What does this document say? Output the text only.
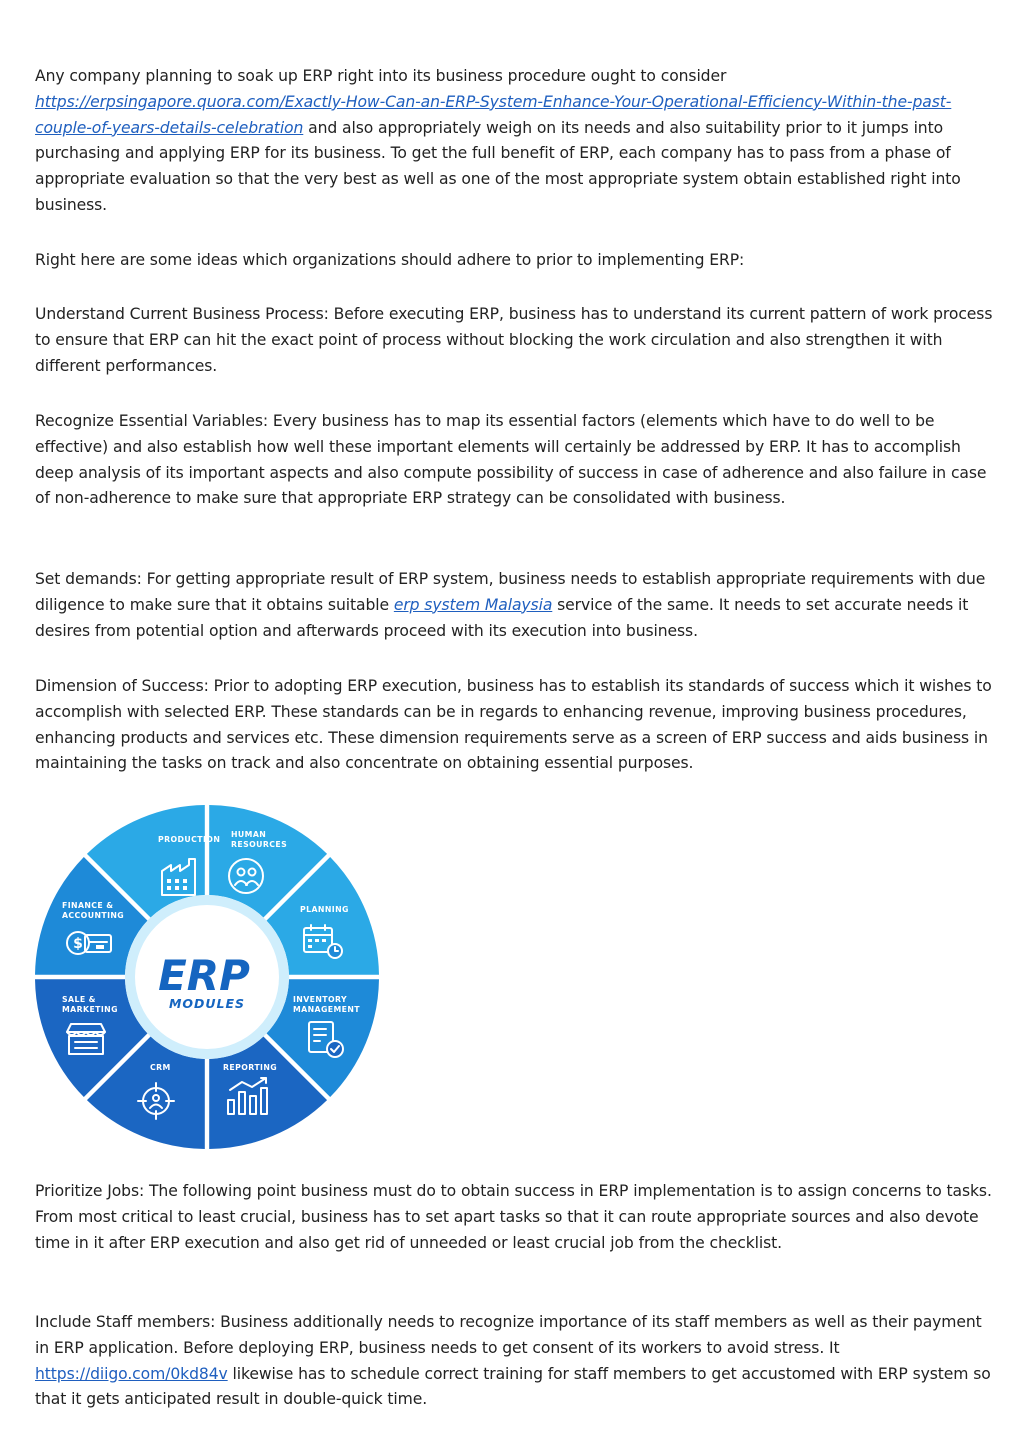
Any company planning to soak up ERP right into its business procedure ought to consider https://erpsingapore.quora.com/Exactly-How-Can-an-ERP-System-Enhance-Your-Operational-Efficiency-Within-the-past-couple-of-years-details-celebration and also appropriately weigh on its needs and also suitability prior to it jumps into purchasing and applying ERP for its business. To get the full benefit of ERP, each company has to pass from a phase of appropriate evaluation so that the very best as well as one of the most appropriate system obtain established right into business.

Right here are some ideas which organizations should adhere to prior to implementing ERP:

Understand Current Business Process: Before executing ERP, business has to understand its current pattern of work process to ensure that ERP can hit the exact point of process without blocking the work circulation and also strengthen it with different performances.

Recognize Essential Variables: Every business has to map its essential factors (elements which have to do well to be effective) and also establish how well these important elements will certainly be addressed by ERP. It has to accomplish deep analysis of its important aspects and also compute possibility of success in case of adherence and also failure in case of non-adherence to make sure that appropriate ERP strategy can be consolidated with business.

Set demands: For getting appropriate result of ERP system, business needs to establish appropriate requirements with due diligence to make sure that it obtains suitable erp system Malaysia service of the same. It needs to set accurate needs it desires from potential option and afterwards proceed with its execution into business.

Dimension of Success: Prior to adopting ERP execution, business has to establish its standards of success which it wishes to accomplish with selected ERP. These standards can be in regards to enhancing revenue, improving business procedures, enhancing products and services etc. These dimension requirements serve as a screen of ERP success and aids business in maintaining the tasks on track and also concentrate on obtaining essential purposes.

$
PRODUCTION
HUMAN
RESOURCES
PLANNING
INVENTORY
MANAGEMENT
REPORTING
CRM
SALE &
MARKETING
FINANCE &
ACCOUNTING
ERP
MODULES

Prioritize Jobs: The following point business must do to obtain success in ERP implementation is to assign concerns to tasks. From most critical to least crucial, business has to set apart tasks so that it can route appropriate sources and also devote time in it after ERP execution and also get rid of unneeded or least crucial job from the checklist.

Include Staff members: Business additionally needs to recognize importance of its staff members as well as their payment in ERP application. Before deploying ERP, business needs to get consent of its workers to avoid stress. It https://diigo.com/0kd84v likewise has to schedule correct training for staff members to get accustomed with ERP system so that it gets anticipated result in double-quick time.
